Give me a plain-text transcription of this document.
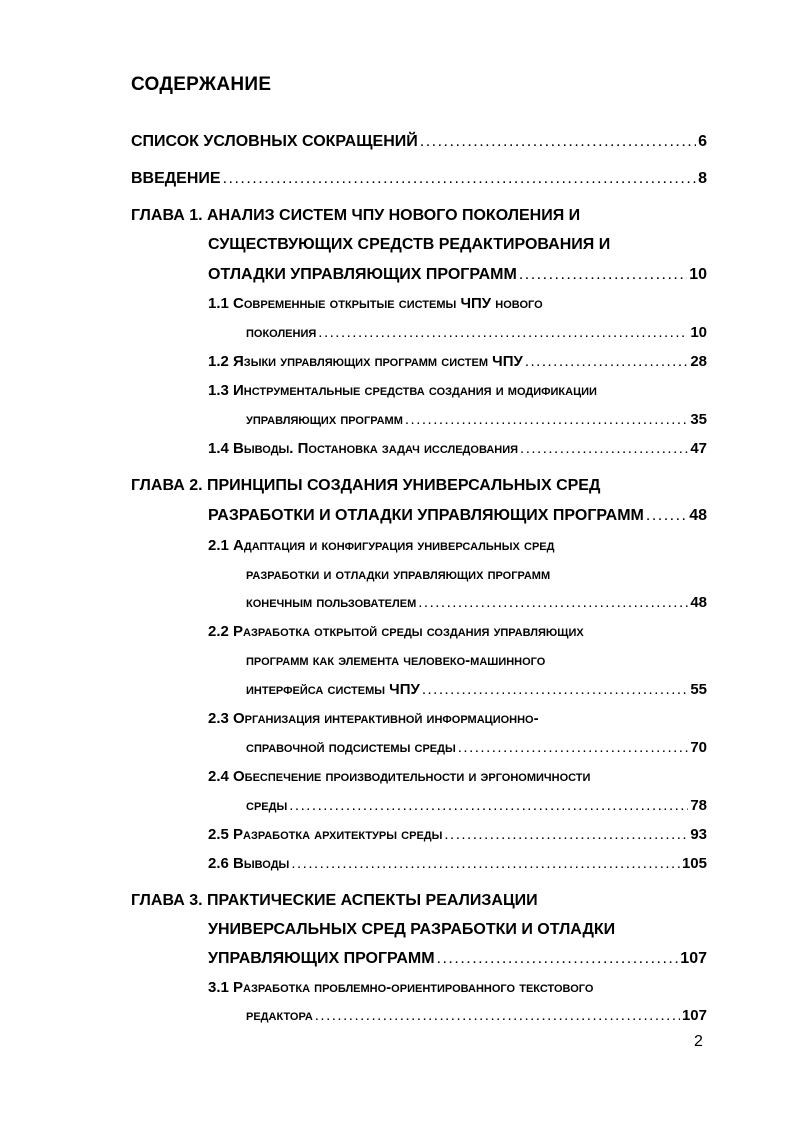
СОДЕРЖАНИЕ
СПИСОК УСЛОВНЫХ СОКРАЩЕНИЙ .....	6
ВВЕДЕНИЕ .....	8
ГЛАВА 1. АНАЛИЗ СИСТЕМ ЧПУ НОВОГО ПОКОЛЕНИЯ И
СУЩЕСТВУЮЩИХ СРЕДСТВ РЕДАКТИРОВАНИЯ И
ОТЛАДКИ УПРАВЛЯЮЩИХ ПРОГРАММ .....	10
1.1 Современные открытые системы ЧПУ нового
поколения .....	10
1.2 Языки управляющих программ систем ЧПУ .....	28
1.3 Инструментальные средства создания и модификации
управляющих программ .....	35
1.4 Выводы. Постановка задач исследования .....	47
ГЛАВА 2. ПРИНЦИПЫ СОЗДАНИЯ УНИВЕРСАЛЬНЫХ СРЕД
РАЗРАБОТКИ И ОТЛАДКИ УПРАВЛЯЮЩИХ ПРОГРАММ .....	48
2.1 Адаптация и конфигурация универсальных сред
разработки и отладки управляющих программ
конечным пользователем .....	48
2.2 Разработка открытой среды создания управляющих
программ как элемента человеко-машинного
интерфейса системы ЧПУ .....	55
2.3 Организация интерактивной информационно-
справочной подсистемы среды .....	70
2.4 Обеспечение производительности и эргономичности
среды .....	78
2.5 Разработка архитектуры среды .....	93
2.6 Выводы .....	105
ГЛАВА 3. ПРАКТИЧЕСКИЕ АСПЕКТЫ РЕАЛИЗАЦИИ
УНИВЕРСАЛЬНЫХ СРЕД РАЗРАБОТКИ И ОТЛАДКИ
УПРАВЛЯЮЩИХ ПРОГРАММ .....	107
3.1 Разработка проблемно-ориентированного текстового
редактора .....	107
2
